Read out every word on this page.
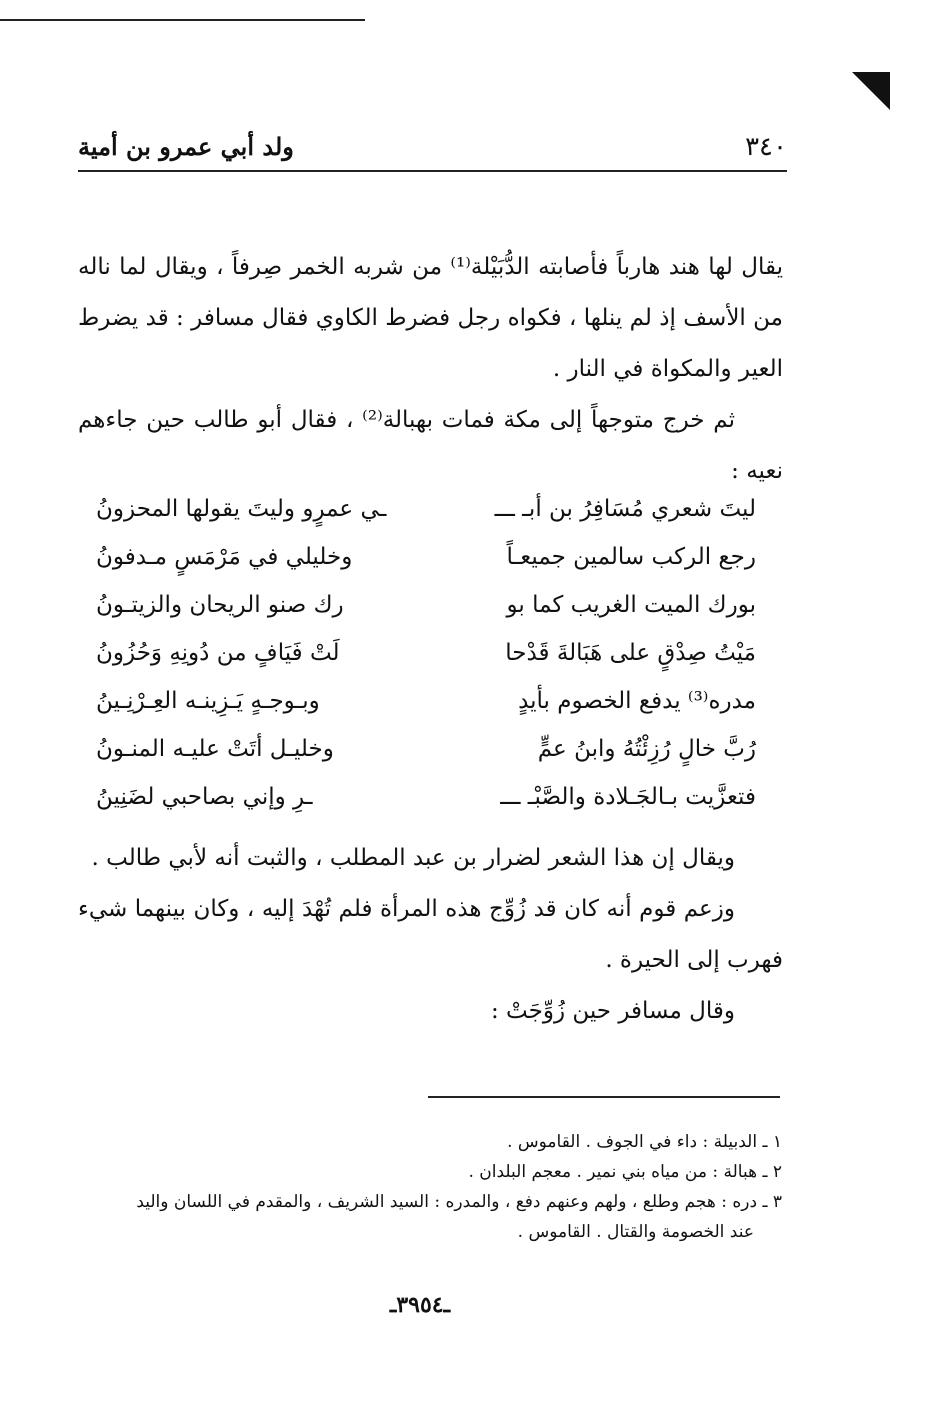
٣٤٠
ولد أبي عمرو بن أمية

يقال لها هند هارباً فأصابته الدُّبَيْلة⁽¹⁾ من شربه الخمر صِرفاً ، ويقال لما ناله من الأسف إذ لم ينلها ، فكواه رجل فضرط الكاوي فقال مسافر : قد يضرط العير والمكواة في النار .

ثم خرج متوجهاً إلى مكة فمات بهبالة⁽²⁾ ، فقال أبو طالب حين جاءهم نعيه :

ليتَ شعري مُسَافِرُ بن أبـ ـــ
ـي عمرٍو وليتَ يقولها المحزونُ
رجع الركب سالمين جميعـاً
وخليلي في مَرْمَسٍ مـدفونُ
بورك الميت الغريب كما بو
رك صنو الريحان والزيتـونُ
مَيْتُ صِدْقٍ على هَبَالةَ قَدْحا
لَتْ فَيَافٍ من دُونِهِ وَحُزُونُ
مدره⁽³⁾ يدفع الخصوم بأيدٍ
وبـوجـهٍ يَـزِينـه العِـرْنِـينُ
رُبَّ خالٍ رُزِئْتُهُ وابنُ عمٍّ
وخليـل أتَتْ عليـه المنـونُ
فتعزَّيت بـالجَـلادة والصَّبْـ ـــ
ـرِ وإني بصاحبي لضَنِينُ

ويقال إن هذا الشعر لضرار بن عبد المطلب ، والثبت أنه لأبي طالب .

وزعم قوم أنه كان قد زُوِّج هذه المرأة فلم تُهْدَ إليه ، وكان بينهما شيء فهرب إلى الحيرة .

وقال مسافر حين زُوِّجَتْ :

١ ـ الدبيلة : داء في الجوف . القاموس .

٢ ـ هبالة : من مياه بني نمير . معجم البلدان .

٣ ـ دره : هجم وطلع ، ولهم وعنهم دفع ، والمدره : السيد الشريف ، والمقدم في اللسان واليد

عند الخصومة والقتال . القاموس .

ـ٣٩٥٤ـ
